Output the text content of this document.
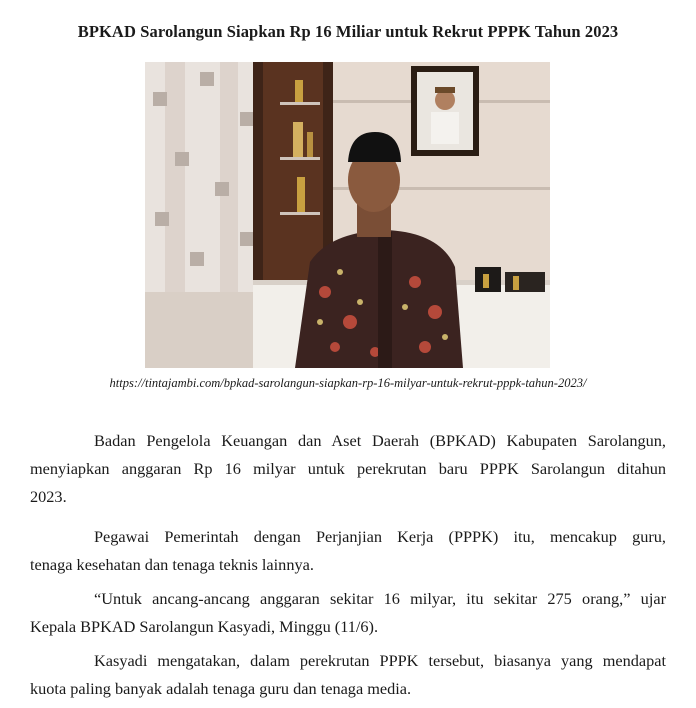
BPKAD Sarolangun Siapkan Rp 16 Miliar untuk Rekrut PPPK Tahun 2023
https://tintajambi.com/bpkad-sarolangun-siapkan-rp-16-milyar-untuk-rekrut-pppk-tahun-2023/

Badan Pengelola Keuangan dan Aset Daerah (BPKAD) Kabupaten Sarolangun,
menyiapkan anggaran Rp 16 milyar untuk perekrutan baru PPPK Sarolangun ditahun
2023.

Pegawai Pemerintah dengan Perjanjian Kerja (PPPK) itu, mencakup guru,
tenaga kesehatan dan tenaga teknis lainnya.

“Untuk ancang-ancang anggaran sekitar 16 milyar, itu sekitar 275 orang,” ujar
Kepala BPKAD Sarolangun Kasyadi, Minggu (11/6).

Kasyadi mengatakan, dalam perekrutan PPPK tersebut, biasanya yang mendapat
kuota paling banyak adalah tenaga guru dan tenaga media.
